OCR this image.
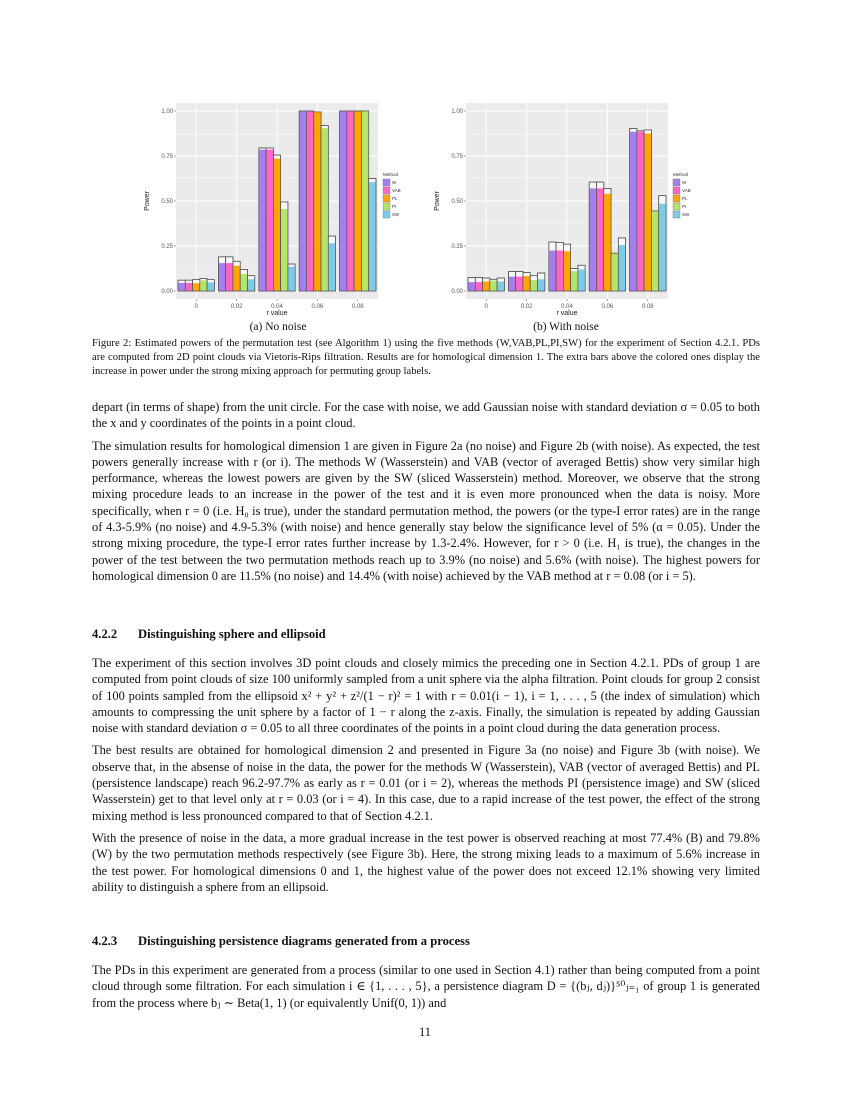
0.00
0.25
0.50
0.75
1.00
0	0.02	0.04	0.06	0.08
r value
Power
Method
W
VAB
PL
PI
SW
0.00
0.25
0.50
0.75
1.00
0	0.02	0.04	0.06	0.08
r value
Power
Method
W
VAB
PL
PI
SW
(a) No noise	(b) With noise
Figure 2: Estimated powers of the permutation test (see Algorithm 1) using the five methods (W,VAB,PL,PI,SW) for the experiment of Section 4.2.1. PDs are computed from 2D point clouds via Vietoris-Rips filtration. Results are for homological dimension 1. The extra bars above the colored ones display the increase in power under the strong mixing approach for permuting group labels.

depart (in terms of shape) from the unit circle. For the case with noise, we add Gaussian noise with standard deviation σ = 0.05 to both the x and y coordinates of the points in a point cloud.

The simulation results for homological dimension 1 are given in Figure 2a (no noise) and Figure 2b (with noise). As expected, the test powers generally increase with r (or i). The methods W (Wasserstein) and VAB (vector of averaged Bettis) show very similar high performance, whereas the lowest powers are given by the SW (sliced Wasserstein) method. Moreover, we observe that the strong mixing procedure leads to an increase in the power of the test and it is even more pronounced when the data is noisy. More specifically, when r = 0 (i.e. H₀ is true), under the standard permutation method, the powers (or the type-I error rates) are in the range of 4.3-5.9% (no noise) and 4.9-5.3% (with noise) and hence generally stay below the significance level of 5% (α = 0.05). Under the strong mixing procedure, the type-I error rates further increase by 1.3-2.4%. However, for r > 0 (i.e. H₁ is true), the changes in the power of the test between the two permutation methods reach up to 3.9% (no noise) and 5.6% (with noise). The highest powers for homological dimension 0 are 11.5% (no noise) and 14.4% (with noise) achieved by the VAB method at r = 0.08 (or i = 5).

4.2.2 Distinguishing sphere and ellipsoid

The experiment of this section involves 3D point clouds and closely mimics the preceding one in Section 4.2.1. PDs of group 1 are computed from point clouds of size 100 uniformly sampled from a unit sphere via the alpha filtration. Point clouds for group 2 consist of 100 points sampled from the ellipsoid x² + y² + z²/(1 − r)² = 1 with r = 0.01(i − 1), i = 1, . . . , 5 (the index of simulation) which amounts to compressing the unit sphere by a factor of 1 − r along the z-axis. Finally, the simulation is repeated by adding Gaussian noise with standard deviation σ = 0.05 to all three coordinates of the points in a point cloud during the data generation process.

The best results are obtained for homological dimension 2 and presented in Figure 3a (no noise) and Figure 3b (with noise). We observe that, in the absense of noise in the data, the power for the methods W (Wasserstein), VAB (vector of averaged Bettis) and PL (persistence landscape) reach 96.2-97.7% as early as r = 0.01 (or i = 2), whereas the methods PI (persistence image) and SW (sliced Wasserstein) get to that level only at r = 0.03 (or i = 4). In this case, due to a rapid increase of the test power, the effect of the strong mixing method is less pronounced compared to that of Section 4.2.1.

With the presence of noise in the data, a more gradual increase in the test power is observed reaching at most 77.4% (B) and 79.8% (W) by the two permutation methods respectively (see Figure 3b). Here, the strong mixing leads to a maximum of 5.6% increase in the test power. For homological dimensions 0 and 1, the highest value of the power does not exceed 12.1% showing very limited ability to distinguish a sphere from an ellipsoid.

4.2.3 Distinguishing persistence diagrams generated from a process

The PDs in this experiment are generated from a process (similar to one used in Section 4.1) rather than being computed from a point cloud through some filtration. For each simulation i ∈ {1, . . . , 5}, a persistence diagram D = {(bⱼ, dⱼ)}⁵⁰ⱼ₌₁ of group 1 is generated from the process where bⱼ ∼ Beta(1, 1) (or equivalently Unif(0, 1)) and

11
